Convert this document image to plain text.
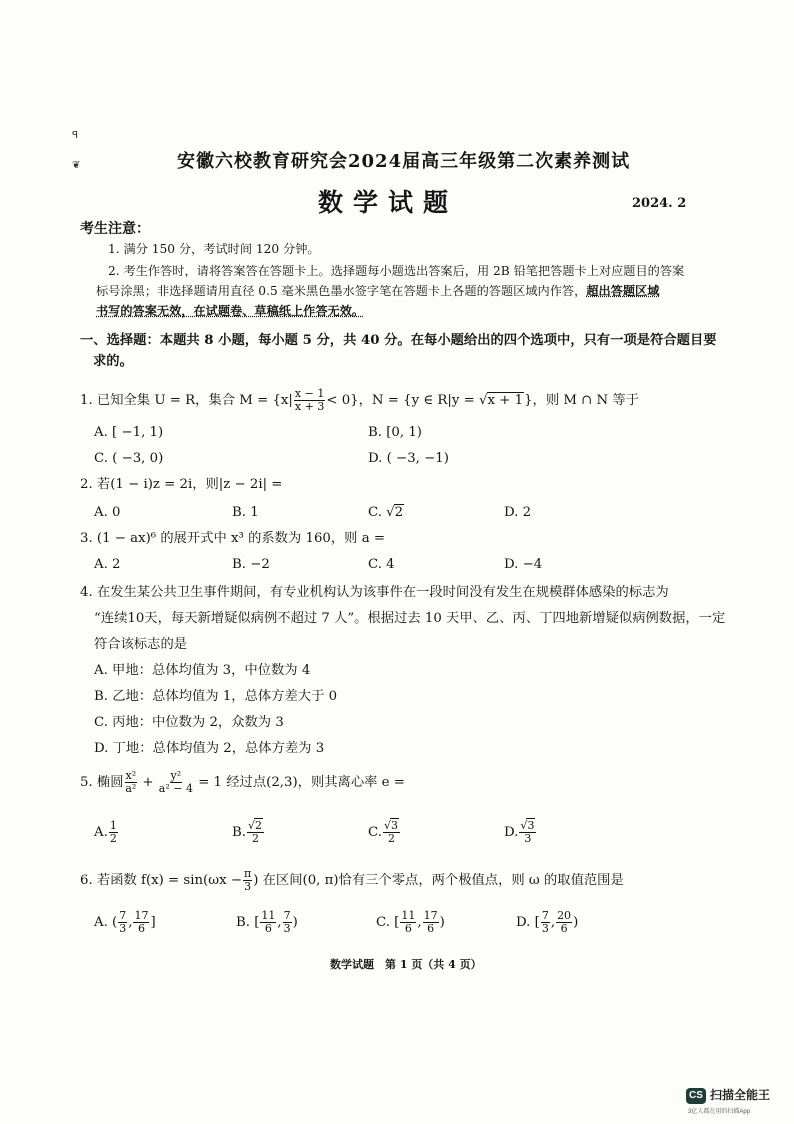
ꟼ
❦	安徽六校教育研究会2024届高三年级第二次素养测试
数学试题	2024. 2
考生注意：
1. 满分 150 分，考试时间 120 分钟。
2. 考生作答时，请将答案答在答题卡上。选择题每小题选出答案后，用 2B 铅笔把答题卡上对应题目的答案
标号涂黑；非选择题请用直径 0.5 毫米黑色墨水签字笔在答题卡上各题的答题区域内作答，超出答题区域
书写的答案无效，在试题卷、草稿纸上作答无效。
一、选择题：本题共 8 小题，每小题 5 分，共 40 分。在每小题给出的四个选项中，只有一项是符合题目要
求的。
1. 已知全集 U = R，集合 $M = \{x| \frac{x - 1}{x + 3} < 0\}$，N = {y ∈ R|y = √x + 1}，则 M ∩ N 等于
A. [ −1, 1)	B. [0, 1)
C. ( −3, 0)	D. ( −3, −1)
2. 若(1 − i)z = 2i，则|z − 2i| =
A. 0	B. 1	C. √2	D. 2
3. (1 − ax)⁶ 的展开式中 x³ 的系数为 160，则 a =
A. 2	B. −2	C. 4	D. −4
4. 在发生某公共卫生事件期间，有专业机构认为该事件在一段时间没有发生在规模群体感染的标志为
“连续10天，每天新增疑似病例不超过 7 人”。根据过去 10 天甲、乙、丙、丁四地新增疑似病例数据，一定
符合该标志的是
A. 甲地：总体均值为 3，中位数为 4
B. 乙地：总体均值为 1，总体方差大于 0
C. 丙地：中位数为 2，众数为 3
D. 丁地：总体均值为 2，总体方差为 3
5. 椭圆 $\frac{\text{x²}}{\text{a²}} + \frac{\text{y²}}{\text{a² − 4}} = 1$ 经过点(2,3)，则其离心率 e =
A. $\frac{1}{2}$	B. $\frac{√2}{2}$	C. $\frac{√3}{2}$	D. $\frac{√3}{3}$
6. 若函数 $f(x) = \sin(\omega x - \frac{\pi}{3}$ ) 在区间(0, π)恰有三个零点，两个极值点，则 ω 的取值范围是
A. ( $\frac{7}{3}$ , $\frac{17}{6}$ ]	B. [ $\frac{11}{6}$ , $\frac{7}{3}$ )	C. [ $\frac{11}{6}$ , $\frac{17}{6}$ )	D. [ $\frac{7}{3}$ , $\frac{20}{6}$ )
数学试题　第 1 页（共 4 页）
CS 扫描全能王
3亿人都在用的扫描App
